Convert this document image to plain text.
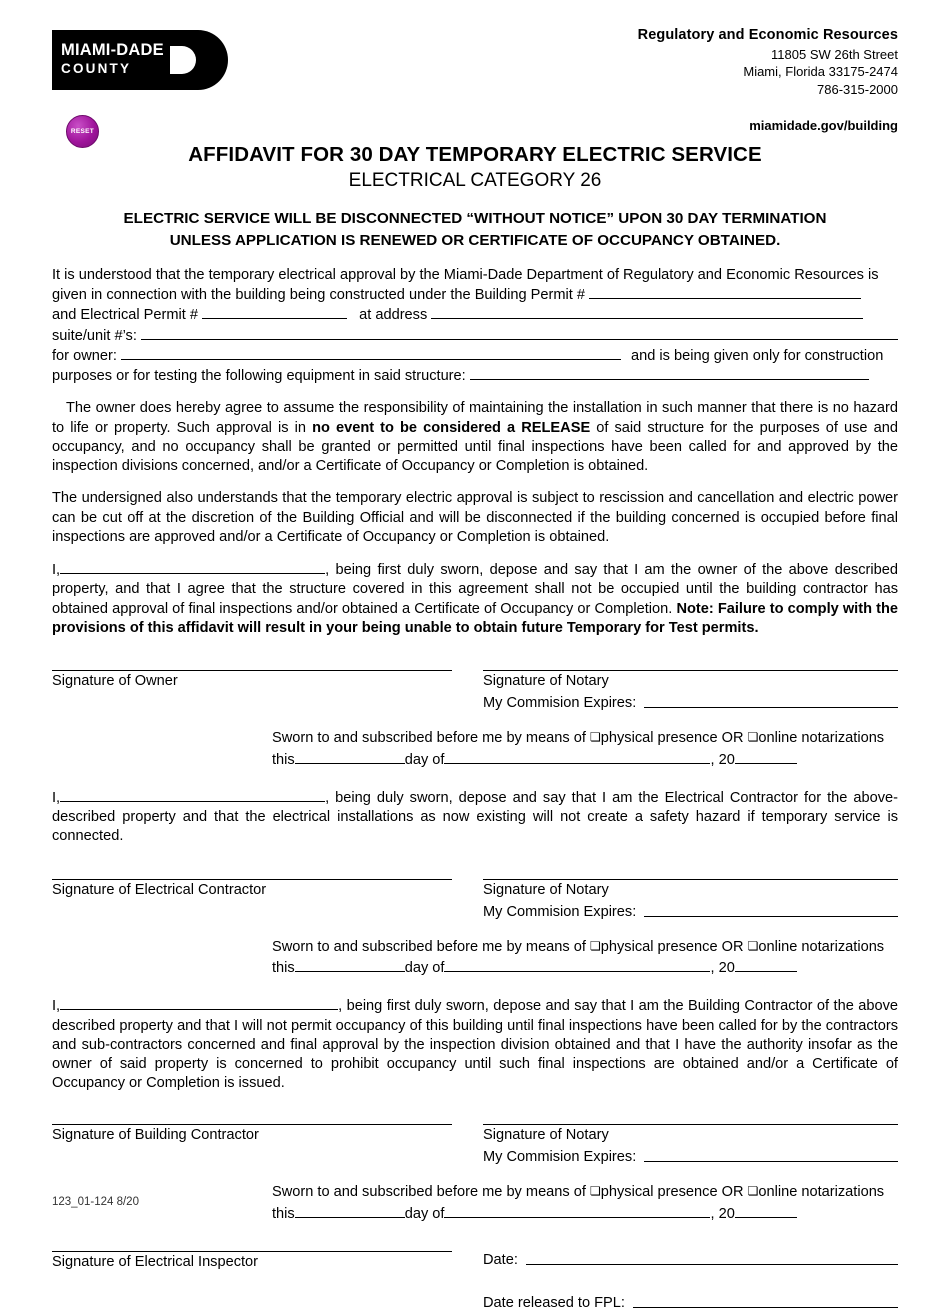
MIAMI-DADE
COUNTY
RESET
Regulatory and Economic Resources
11805 SW 26th Street
Miami, Florida 33175-2474
786-315-2000
miamidade.gov/building
AFFIDAVIT FOR 30 DAY TEMPORARY ELECTRIC SERVICE
ELECTRICAL CATEGORY 26
ELECTRIC SERVICE WILL BE DISCONNECTED “WITHOUT NOTICE” UPON 30 DAY TERMINATION
UNLESS APPLICATION IS RENEWED OR CERTIFICATE OF OCCUPANCY OBTAINED.
It is understood that the temporary electrical approval by the Miami-Dade Department of Regulatory and Economic Resources is
given in connection with the building being constructed under the Building Permit #
and Electrical Permit #	at address
suite/unit #’s:
for owner:	and is being given only for construction
purposes or for testing the following equipment in said structure:
The owner does hereby agree to assume the responsibility of maintaining the installation in such manner that there is no hazard to life or property. Such approval is in no event to be considered a RELEASE of said structure for the purposes of use and occupancy, and no occupancy shall be granted or permitted until final inspections have been called for and approved by the inspection divisions concerned, and/or a Certificate of Occupancy or Completion is obtained.
The undersigned also understands that the temporary electric approval is subject to rescission and cancellation and electric power can be cut off at the discretion of the Building Official and will be disconnected if the building concerned is occupied before final inspections are approved and/or a Certificate of Occupancy or Completion is obtained.
I,	, being first duly sworn, depose and say that I am the owner of the above described property, and that I agree that the structure covered in this agreement shall not be occupied until the building contractor has obtained approval of final inspections and/or obtained a Certificate of Occupancy or Completion. Note: Failure to comply with the provisions of this affidavit will result in your being unable to obtain future Temporary for Test permits.
Signature of Owner	Signature of Notary
My Commision Expires:
Sworn to and subscribed before me by means of ❏physical presence OR ❏online notarizations
this	day of	, 20
I,	, being duly sworn, depose and say that I am the Electrical Contractor for the above-described property and that the electrical installations as now existing will not create a safety hazard if temporary service is connected.
Signature of Electrical Contractor	Signature of Notary
My Commision Expires:
Sworn to and subscribed before me by means of ❏physical presence OR ❏online notarizations
this	day of	, 20
I,	, being first duly sworn, depose and say that I am the Building Contractor of the above described property and that I will not permit occupancy of this building until final inspections have been called for by the contractors and sub-contractors concerned and final approval by the inspection division obtained and that I have the authority insofar as the owner of said property is concerned to prohibit occupancy until such final inspections are obtained and/or a Certificate of Occupancy or Completion is issued.
Signature of Building Contractor	Signature of Notary
My Commision Expires:
Sworn to and subscribed before me by means of ❏physical presence OR ❏online notarizations
this	day of	, 20
Signature of Electrical Inspector	Date:
Date released to FPL:
123_01-124 8/20
